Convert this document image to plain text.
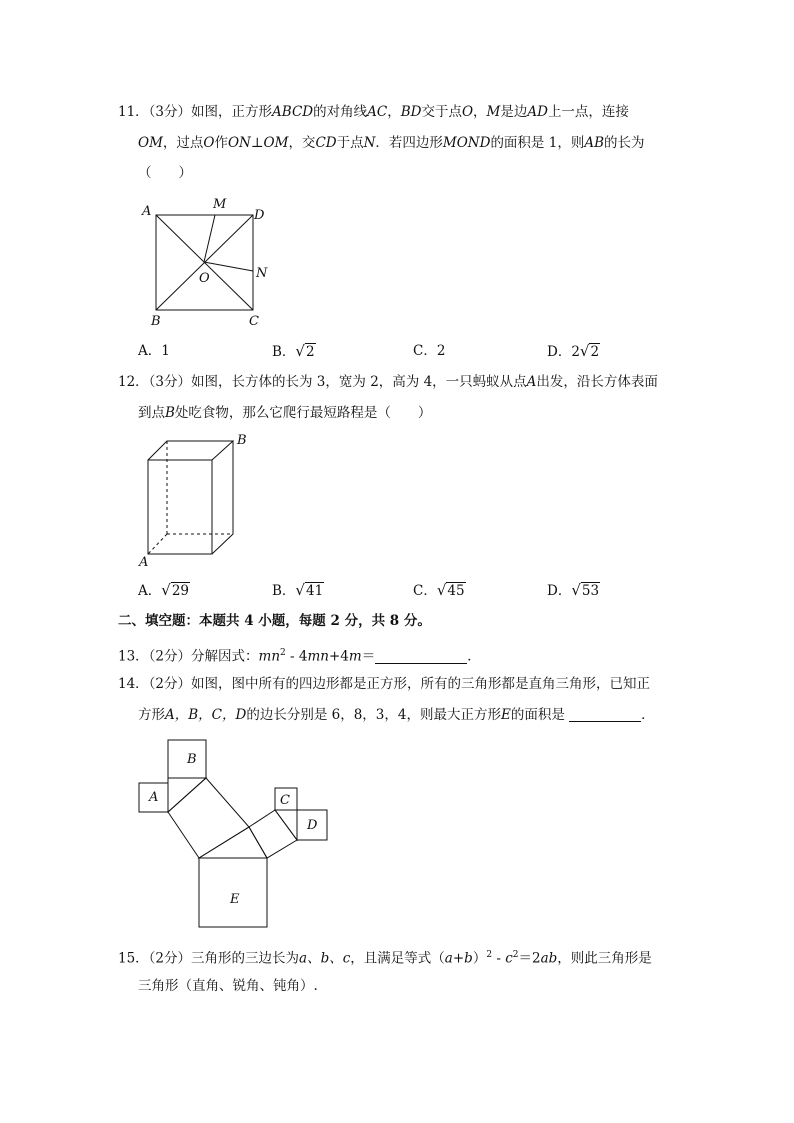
11．（3分）如图，正方形ABCD的对角线AC，BD交于点O，M是边AD上一点，连接
OM，过点O作ON⊥OM，交CD于点N．若四边形MOND的面积是 1，则AB的长为
（　　）
A	M
D
O	N
B	C
A．1	B． √ 2	C．2	D．2 √ 2
12．（3分）如图，长方体的长为 3，宽为 2，高为 4，一只蚂蚁从点A出发，沿长方体表面
到点B处吃食物，那么它爬行最短路程是（　　）
B
A
A． √ 29	B． √ 41	C． √ 45	D． √ 53
二、填空题：本题共 4 小题，每题 2 分，共 8 分。
13．（2分）分解因式：$mn^2 - 4mn+4m=$	．
14．（2分）如图，图中所有的四边形都是正方形，所有的三角形都是直角三角形，已知正
方形A，B，C，D的边长分别是 6，8，3，4，则最大正方形E的面积是	．
A
B
C
D
E
15．（2分）三角形的三边长为a、b、c，且满足等式$(a+b)^2 - c^2=2ab$，则此三角形是
三角形（直角、锐角、钝角）.
